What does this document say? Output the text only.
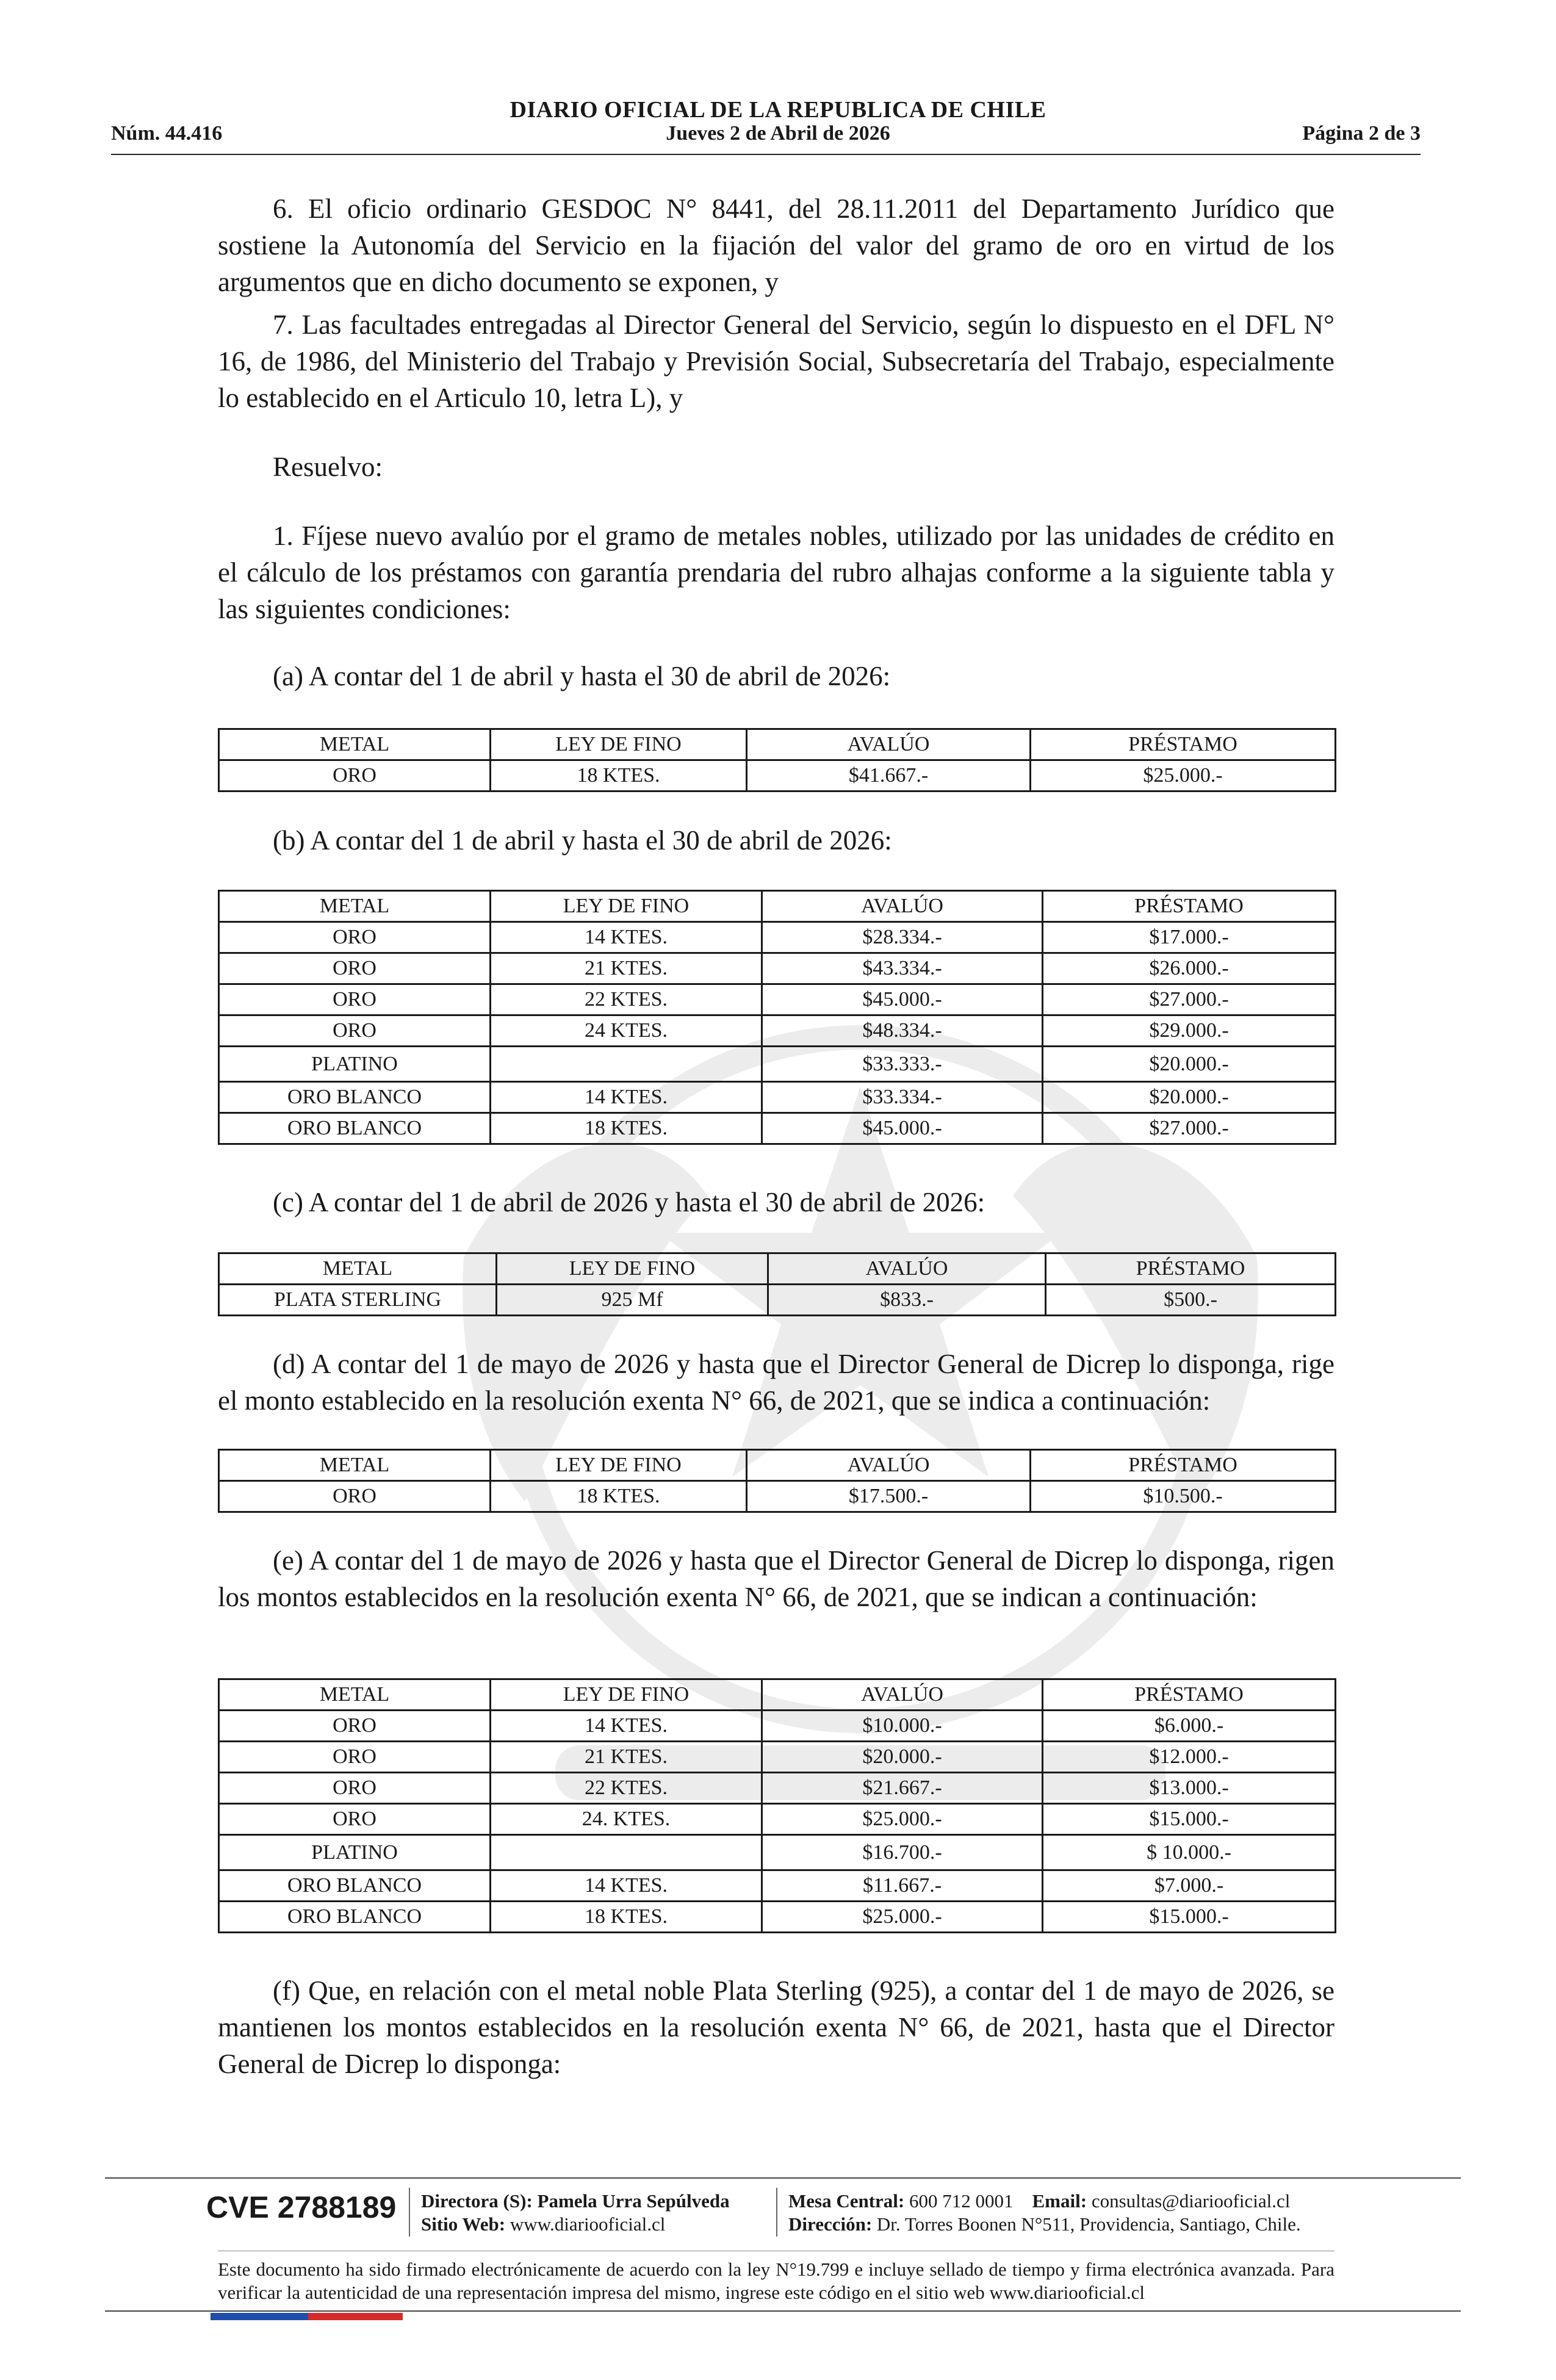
DIARIO OFICIAL DE LA REPUBLICA DE CHILE
Núm. 44.416	Jueves 2 de Abril de 2026	Página 2 de 3
6. El oficio ordinario GESDOC N° 8441, del 28.11.2011 del Departamento Jurídico que sostiene la Autonomía del Servicio en la fijación del valor del gramo de oro en virtud de los argumentos que en dicho documento se exponen, y
7. Las facultades entregadas al Director General del Servicio, según lo dispuesto en el DFL N° 16, de 1986, del Ministerio del Trabajo y Previsión Social, Subsecretaría del Trabajo, especialmente lo establecido en el Articulo 10, letra L), y
Resuelvo:
1. Fíjese nuevo avalúo por el gramo de metales nobles, utilizado por las unidades de crédito en el cálculo de los préstamos con garantía prendaria del rubro alhajas conforme a la siguiente tabla y las siguientes condiciones:
(a) A contar del 1 de abril y hasta el 30 de abril de 2026:
METAL	LEY DE FINO	AVALÚO	PRÉSTAMO
ORO	18 KTES.	$41.667.-	$25.000.-
(b) A contar del 1 de abril y hasta el 30 de abril de 2026:
METAL	LEY DE FINO	AVALÚO	PRÉSTAMO
ORO	14 KTES.	$28.334.-	$17.000.-
ORO	21 KTES.	$43.334.-	$26.000.-
ORO	22 KTES.	$45.000.-	$27.000.-
ORO	24 KTES.	$48.334.-	$29.000.-
PLATINO		$33.333.-	$20.000.-
ORO BLANCO	14 KTES.	$33.334.-	$20.000.-
ORO BLANCO	18 KTES.	$45.000.-	$27.000.-
(c) A contar del 1 de abril de 2026 y hasta el 30 de abril de 2026:
METAL	LEY DE FINO	AVALÚO	PRÉSTAMO
PLATA STERLING	925 Mf	$833.-	$500.-
(d) A contar del 1 de mayo de 2026 y hasta que el Director General de Dicrep lo disponga, rige el monto establecido en la resolución exenta N° 66, de 2021, que se indica a continuación:
METAL	LEY DE FINO	AVALÚO	PRÉSTAMO
ORO	18 KTES.	$17.500.-	$10.500.-
(e) A contar del 1 de mayo de 2026 y hasta que el Director General de Dicrep lo disponga, rigen los montos establecidos en la resolución exenta N° 66, de 2021, que se indican a continuación:
METAL	LEY DE FINO	AVALÚO	PRÉSTAMO
ORO	14 KTES.	$10.000.-	$6.000.-
ORO	21 KTES.	$20.000.-	$12.000.-
ORO	22 KTES.	$21.667.-	$13.000.-
ORO	24. KTES.	$25.000.-	$15.000.-
PLATINO		$16.700.-	$ 10.000.-
ORO BLANCO	14 KTES.	$11.667.-	$7.000.-
ORO BLANCO	18 KTES.	$25.000.-	$15.000.-
(f) Que, en relación con el metal noble Plata Sterling (925), a contar del 1 de mayo de 2026, se mantienen los montos establecidos en la resolución exenta N° 66, de 2021, hasta que el Director General de Dicrep lo disponga:
CVE 2788189 Directora (S): Pamela Urra Sepúlveda
Sitio Web: www.diariooficial.cl
Mesa Central: 600 712 0001 Email: consultas@diariooficial.cl
Dirección: Dr. Torres Boonen N°511, Providencia, Santiago, Chile.
Este documento ha sido firmado electrónicamente de acuerdo con la ley N°19.799 e incluye sellado de tiempo y firma electrónica avanzada. Para verificar la autenticidad de una representación impresa del mismo, ingrese este código en el sitio web www.diariooficial.cl
